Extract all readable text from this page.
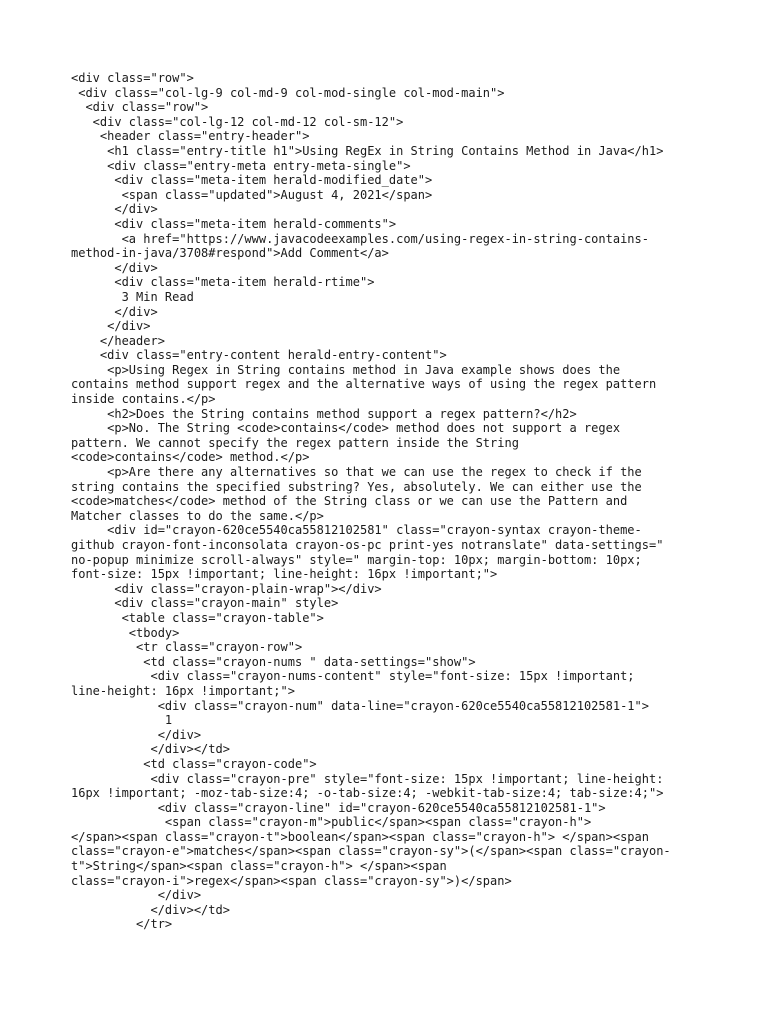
<div class="row">
<div class="col-lg-9 col-md-9 col-mod-single col-mod-main">
<div class="row">
<div class="col-lg-12 col-md-12 col-sm-12">
<header class="entry-header">
<h1 class="entry-title h1">Using RegEx in String Contains Method in Java</h1>
<div class="entry-meta entry-meta-single">
<div class="meta-item herald-modified_date">
<span class="updated">August 4, 2021</span>
</div>
<div class="meta-item herald-comments">
<a href="https://www.javacodeexamples.com/using-regex-in-string-contains-
method-in-java/3708#respond">Add Comment</a>
</div>
<div class="meta-item herald-rtime">
3 Min Read
</div>
</div>
</header>
<div class="entry-content herald-entry-content">
<p>Using Regex in String contains method in Java example shows does the
contains method support regex and the alternative ways of using the regex pattern
inside contains.</p>
<h2>Does the String contains method support a regex pattern?</h2>
<p>No. The String <code>contains</code> method does not support a regex
pattern. We cannot specify the regex pattern inside the String
<code>contains</code> method.</p>
<p>Are there any alternatives so that we can use the regex to check if the
string contains the specified substring? Yes, absolutely. We can either use the
<code>matches</code> method of the String class or we can use the Pattern and
Matcher classes to do the same.</p>
<div id="crayon-620ce5540ca55812102581" class="crayon-syntax crayon-theme-
github crayon-font-inconsolata crayon-os-pc print-yes notranslate" data-settings="
no-popup minimize scroll-always" style=" margin-top: 10px; margin-bottom: 10px;
font-size: 15px !important; line-height: 16px !important;">
<div class="crayon-plain-wrap"></div>
<div class="crayon-main" style>
<table class="crayon-table">
<tbody>
<tr class="crayon-row">
<td class="crayon-nums " data-settings="show">
<div class="crayon-nums-content" style="font-size: 15px !important;
line-height: 16px !important;">
<div class="crayon-num" data-line="crayon-620ce5540ca55812102581-1">
1
</div>
</div></td>
<td class="crayon-code">
<div class="crayon-pre" style="font-size: 15px !important; line-height:
16px !important; -moz-tab-size:4; -o-tab-size:4; -webkit-tab-size:4; tab-size:4;">
<div class="crayon-line" id="crayon-620ce5540ca55812102581-1">
<span class="crayon-m">public</span><span class="crayon-h">
</span><span class="crayon-t">boolean</span><span class="crayon-h"> </span><span
class="crayon-e">matches</span><span class="crayon-sy">(</span><span class="crayon-
t">String</span><span class="crayon-h"> </span><span
class="crayon-i">regex</span><span class="crayon-sy">)</span>
</div>
</div></td>
</tr>
